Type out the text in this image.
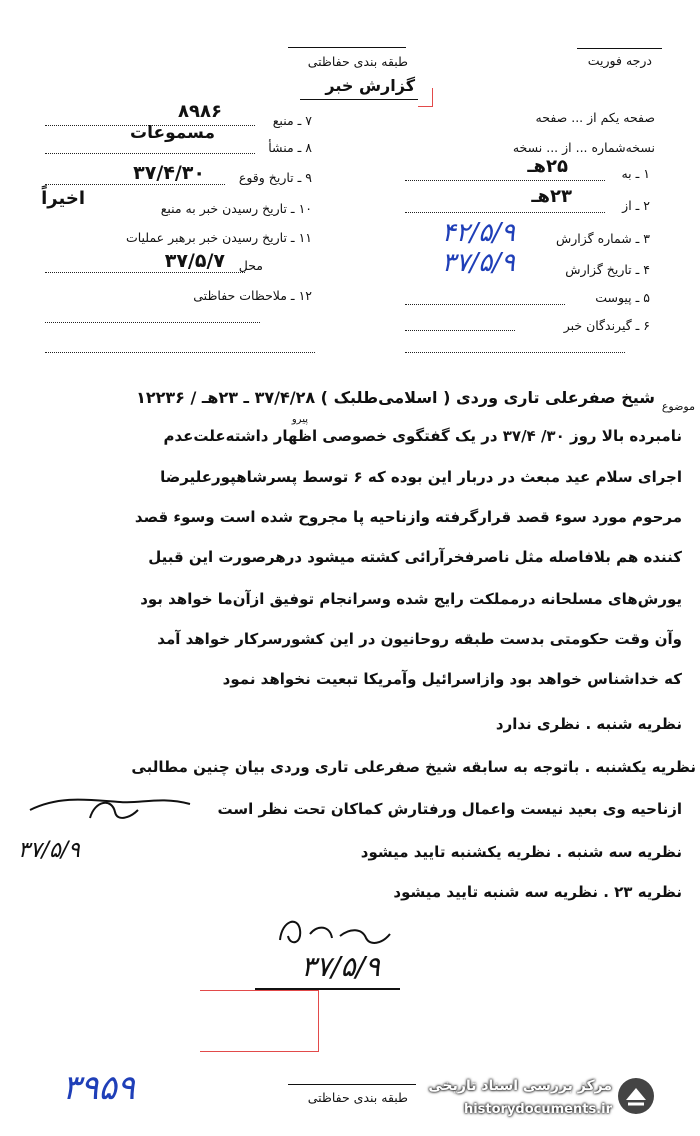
درجه فوریت
طبقه بندی حفاظتی
گزارش خبر
صفحه یکم از ... صفحه
نسخه‌شماره ... از ... نسخه
۱ ـ به
۲۵هـ
۲ ـ از
۲۳هـ
۳ ـ شماره گزارش
۴۲/۵/۹
۴ ـ تاریخ گزارش
۳۷/۵/۹
۵ ـ پیوست
۶ ـ گیرندگان خبر
۷ ـ منبع
۸۹۸۶
۸ ـ منشأ
مسموعات
۹ ـ تاریخ وقوع
۳۷/۴/۳۰
۱۰ ـ تاریخ رسیدن خبر به منبع
اخیراً
۱۱ ـ تاریخ رسیدن خبر برهبر عملیات
محل
۳۷/۵/۷
۱۲ ـ ملاحظات حفاظتی
موضوع
شیخ صفرعلی تاری وردی ( اسلامی‌طلبک ) ۳۷/۴/۲۸ ـ ۲۳هـ / ۱۲۲۳۶
پیرو
نامبرده بالا روز ۳۰/ ۳۷/۴ در یک گفتگوی خصوصی اظهار داشته‌علت‌عدم
اجرای سلام عید مبعث در دربار این بوده که ۶ توسط پسرشاهپورعلیرضا
مرحوم مورد سوء قصد قرارگرفته وازناحیه پا مجروح شده است وسوء قصد
کننده هم بلافاصله مثل ناصرفخرآرائی کشته میشود درهرصورت این قبیل
یورش‌های مسلحانه درمملکت رایج شده وسرانجام توفیق ازآن‌ما خواهد بود
وآن وقت حکومتی بدست طبقه روحانیون در این کشورسرکار خواهد آمد
که خداشناس خواهد بود وازاسرائیل وآمریکا تبعیت نخواهد نمود
نظریه شنبه . نظری ندارد
نظریه یکشنبه . باتوجه به سابقه شیخ صفرعلی تاری وردی بیان چنین مطالبی
ازناحیه وی بعید نیست واعمال ورفتارش کماکان تحت نظر است
نظریه سه شنبه . نظریه یکشنبه تایید میشود
نظریه ۲۳ . نظریه سه شنبه تایید میشود
۳۷/۵/۹
۳۷/۵/۹
۳۹۵۹	طبقه بندی حفاظتی
مرکز بررسی اسناد تاریخی
historydocuments.ir
